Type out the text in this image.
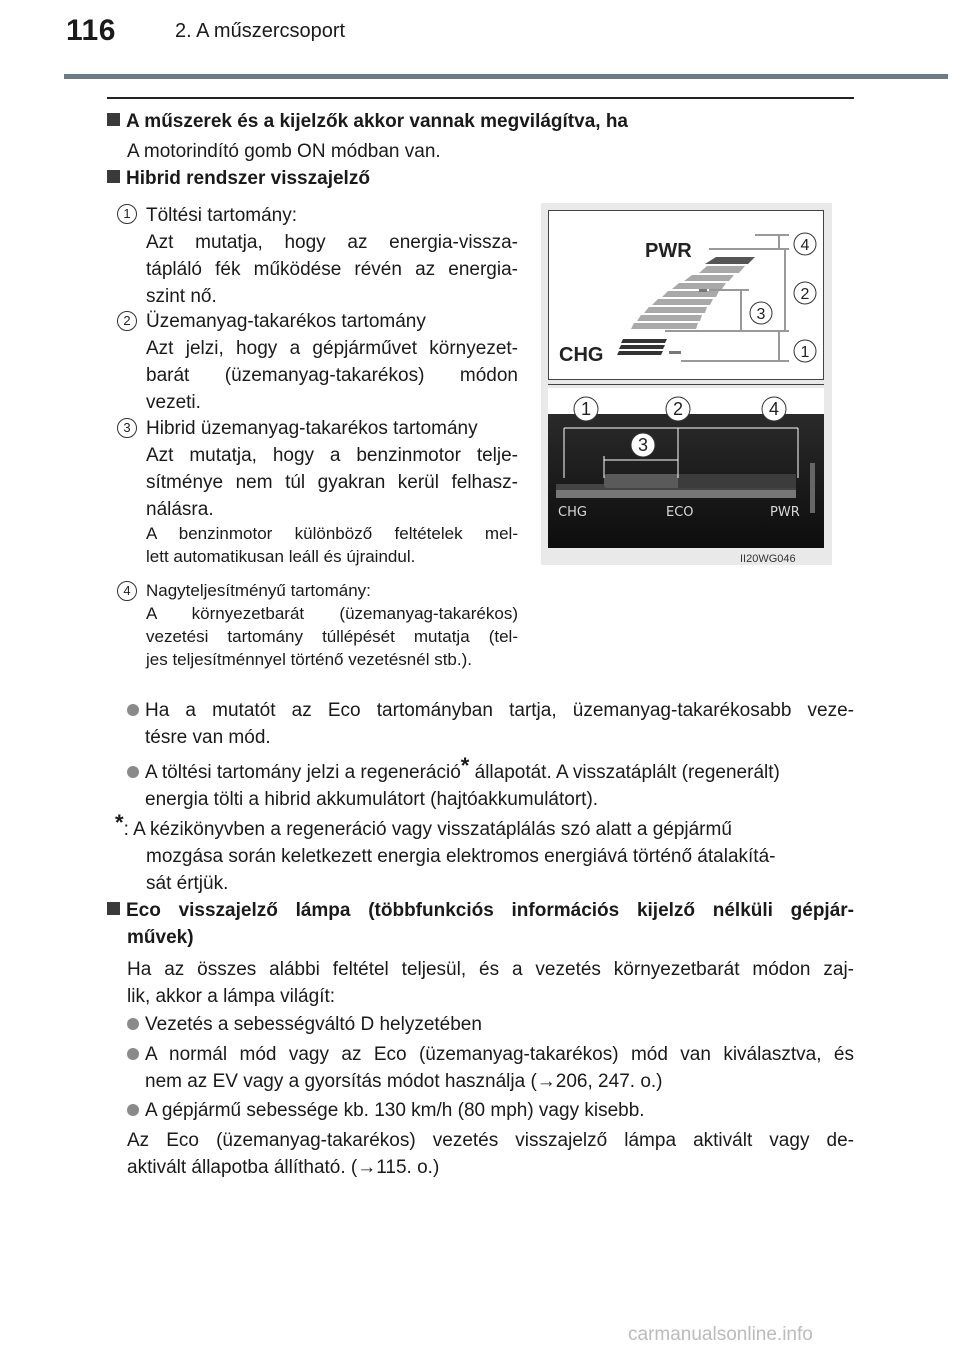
116	2. A műszercsoport
A műszerek és a kijelzők akkor vannak megvilágítva, ha
A motorindító gomb ON módban van.
Hibrid rendszer visszajelző
1 Töltési tartomány:
Azt mutatja, hogy az energia-vissza-
tápláló fék működése révén az energia-
szint nő.
2 Üzemanyag-takarékos tartomány
Azt jelzi, hogy a gépjárművet környezet-
barát (üzemanyag-takarékos) módon
vezeti.
3 Hibrid üzemanyag-takarékos tartomány
Azt mutatja, hogy a benzinmotor telje-
sítménye nem túl gyakran kerül felhasz-
nálásra.
A benzinmotor különböző feltételek mel-
lett automatikusan leáll és újraindul.
4 Nagyteljesítményű tartomány:
A környezetbarát (üzemanyag-takarékos)
vezetési tartomány túllépését mutatja (tel-
jes teljesítménnyel történő vezetésnél stb.).
PWR
CHG
4
2
3
1
CHG	ECO	PWR
1	2	4
3
II20WG046
Ha a mutatót az Eco tartományban tartja, üzemanyag-takarékosabb veze-
tésre van mód.
A töltési tartomány jelzi a regeneráció* állapotát. A visszatáplált (regenerált)
energia tölti a hibrid akkumulátort (hajtóakkumulátort).
*: A kézikönyvben a regeneráció vagy visszatáplálás szó alatt a gépjármű
mozgása során keletkezett energia elektromos energiává történő átalakítá-
sát értjük.
Eco visszajelző lámpa (többfunkciós információs kijelző nélküli gépjár-
művek)
Ha az összes alábbi feltétel teljesül, és a vezetés környezetbarát módon zaj-
lik, akkor a lámpa világít:
Vezetés a sebességváltó D helyzetében
A normál mód vagy az Eco (üzemanyag-takarékos) mód van kiválasztva, és
nem az EV vagy a gyorsítás módot használja (→206, 247. o.)
A gépjármű sebessége kb. 130 km/h (80 mph) vagy kisebb.
Az Eco (üzemanyag-takarékos) vezetés visszajelző lámpa aktivált vagy de-
aktivált állapotba állítható. (→115. o.)
carmanualsonline.info
